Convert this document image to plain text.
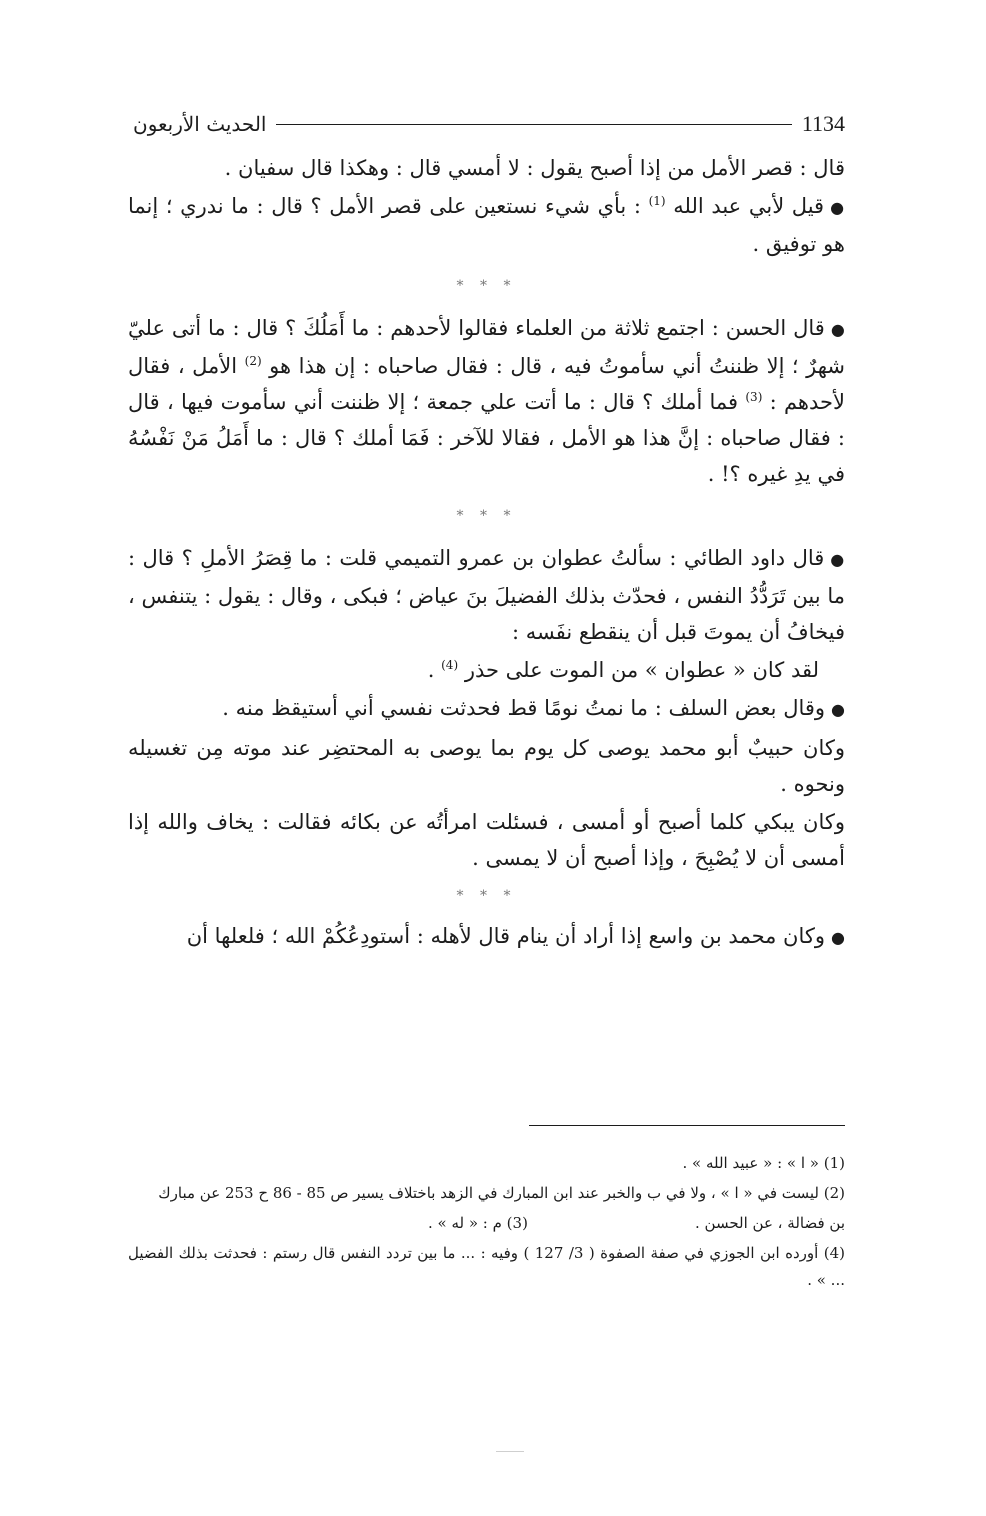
1134
الحديث الأربعون

قال : قصر الأمل من إذا أصبح يقول : لا أمسي قال : وهكذا قال سفيان .

●قيل لأبي عبد الله $^{(1)}$ : بأي شيء نستعين على قصر الأمل ؟ قال : ما ندري ؛ إنما هو توفيق .

* * *

●قال الحسن : اجتمع ثلاثة من العلماء فقالوا لأحدهم : ما أَمَلُكَ ؟ قال : ما أتى عليّ شهرٌ ؛ إلا ظننتُ أني سأموتُ فيه ، قال : فقال صاحباه : إن هذا هو $^{(2)}$ الأمل ، فقال لأحدهم : $^{(3)}$ فما أملك ؟ قال : ما أتت علي جمعة ؛ إلا ظننت أني سأموت فيها ، قال : فقال صاحباه : إنَّ هذا هو الأمل ، فقالا للآخر : فَمَا أملك ؟ قال : ما أَمَلُ مَنْ نَفْسُهُ في يدِ غيره ؟! .

* * *

●قال داود الطائي : سألتُ عطوان بن عمرو التميمي قلت : ما قِصَرُ الأملِ ؟ قال : ما بين تَرَدُّدُ النفس ، فحدّث بذلك الفضيلَ بنَ عياض ؛ فبكى ، وقال : يقول : يتنفس ، فيخافُ أن يموتَ قبل أن ينقطع نفَسه :

لقد كان « عطوان » من الموت على حذر $^{(4)}$ .

●وقال بعض السلف : ما نمتُ نومًا قط فحدثت نفسي أني أستيقظ منه .

وكان حبيبٌ أبو محمد يوصى كل يوم بما يوصى به المحتضِر عند موته مِن تغسيله ونحوه .

وكان يبكي كلما أصبح أو أمسى ، فسئلت امرأتُه عن بكائه فقالت : يخاف والله إذا أمسى أن لا يُصْبِحَ ، وإذا أصبح أن لا يمسى .

* * *

●وكان محمد بن واسع إذا أراد أن ينام قال لأهله : أستودِعُكُمْ الله ؛ فلعلها أن

(1) « ا » : « عبيد الله » .

(2) ليست في « ا » ، ولا في ب والخبر عند ابن المبارك في الزهد باختلاف يسير ص 85 - 86 ح 253 عن مبارك

بن فضالة ، عن الحسن .
(3) م : « له » .

(4) أورده ابن الجوزي في صفة الصفوة ( 3/ 127 ) وفيه : ... ما بين تردد النفس قال رستم : فحدثت بذلك الفضيل ... » .
